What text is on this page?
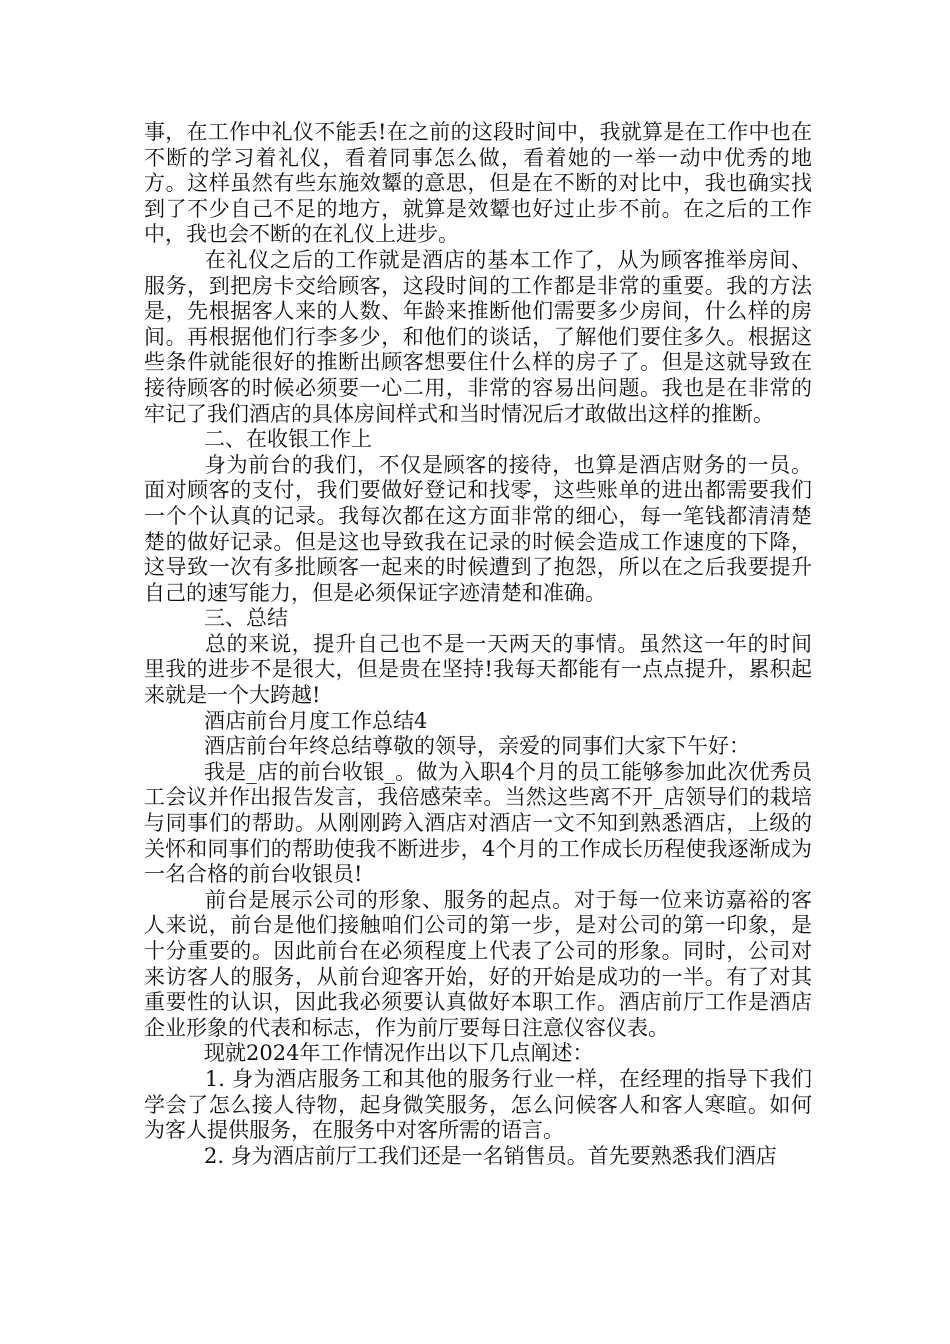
事，在工作中礼仪不能丢!在之前的这段时间中，我就算是在工作中也在不断的学习着礼仪，看着同事怎么做，看着她的一举一动中优秀的地方。这样虽然有些东施效颦的意思，但是在不断的对比中，我也确实找到了不少自己不足的地方，就算是效颦也好过止步不前。在之后的工作中，我也会不断的在礼仪上进步。

在礼仪之后的工作就是酒店的基本工作了，从为顾客推举房间、服务，到把房卡交给顾客，这段时间的工作都是非常的重要。我的方法是，先根据客人来的人数、年龄来推断他们需要多少房间，什么样的房间。再根据他们行李多少，和他们的谈话，了解他们要住多久。根据这些条件就能很好的推断出顾客想要住什么样的房子了。但是这就导致在接待顾客的时候必须要一心二用，非常的容易出问题。我也是在非常的牢记了我们酒店的具体房间样式和当时情况后才敢做出这样的推断。

二、在收银工作上

身为前台的我们，不仅是顾客的接待，也算是酒店财务的一员。面对顾客的支付，我们要做好登记和找零，这些账单的进出都需要我们一个个认真的记录。我每次都在这方面非常的细心，每一笔钱都清清楚楚的做好记录。但是这也导致我在记录的时候会造成工作速度的下降，这导致一次有多批顾客一起来的时候遭到了抱怨，所以在之后我要提升自己的速写能力，但是必须保证字迹清楚和准确。

三、总结

总的来说，提升自己也不是一天两天的事情。虽然这一年的时间里我的进步不是很大，但是贵在坚持!我每天都能有一点点提升，累积起来就是一个大跨越!

酒店前台月度工作总结4

酒店前台年终总结尊敬的领导，亲爱的同事们大家下午好：

我是_店的前台收银_。做为入职4个月的员工能够参加此次优秀员工会议并作出报告发言，我倍感荣幸。当然这些离不开_店领导们的栽培与同事们的帮助。从刚刚跨入酒店对酒店一文不知到熟悉酒店，上级的关怀和同事们的帮助使我不断进步，4个月的工作成长历程使我逐渐成为一名合格的前台收银员!

前台是展示公司的形象、服务的起点。对于每一位来访嘉裕的客人来说，前台是他们接触咱们公司的第一步，是对公司的第一印象，是十分重要的。因此前台在必须程度上代表了公司的形象。同时，公司对来访客人的服务，从前台迎客开始，好的开始是成功的一半。有了对其重要性的认识，因此我必须要认真做好本职工作。酒店前厅工作是酒店企业形象的代表和标志，作为前厅要每日注意仪容仪表。

现就2024年工作情况作出以下几点阐述：

1. 身为酒店服务工和其他的服务行业一样，在经理的指导下我们学会了怎么接人待物，起身微笑服务，怎么问候客人和客人寒暄。如何为客人提供服务，在服务中对客所需的语言。

2. 身为酒店前厅工我们还是一名销售员。首先要熟悉我们酒店
